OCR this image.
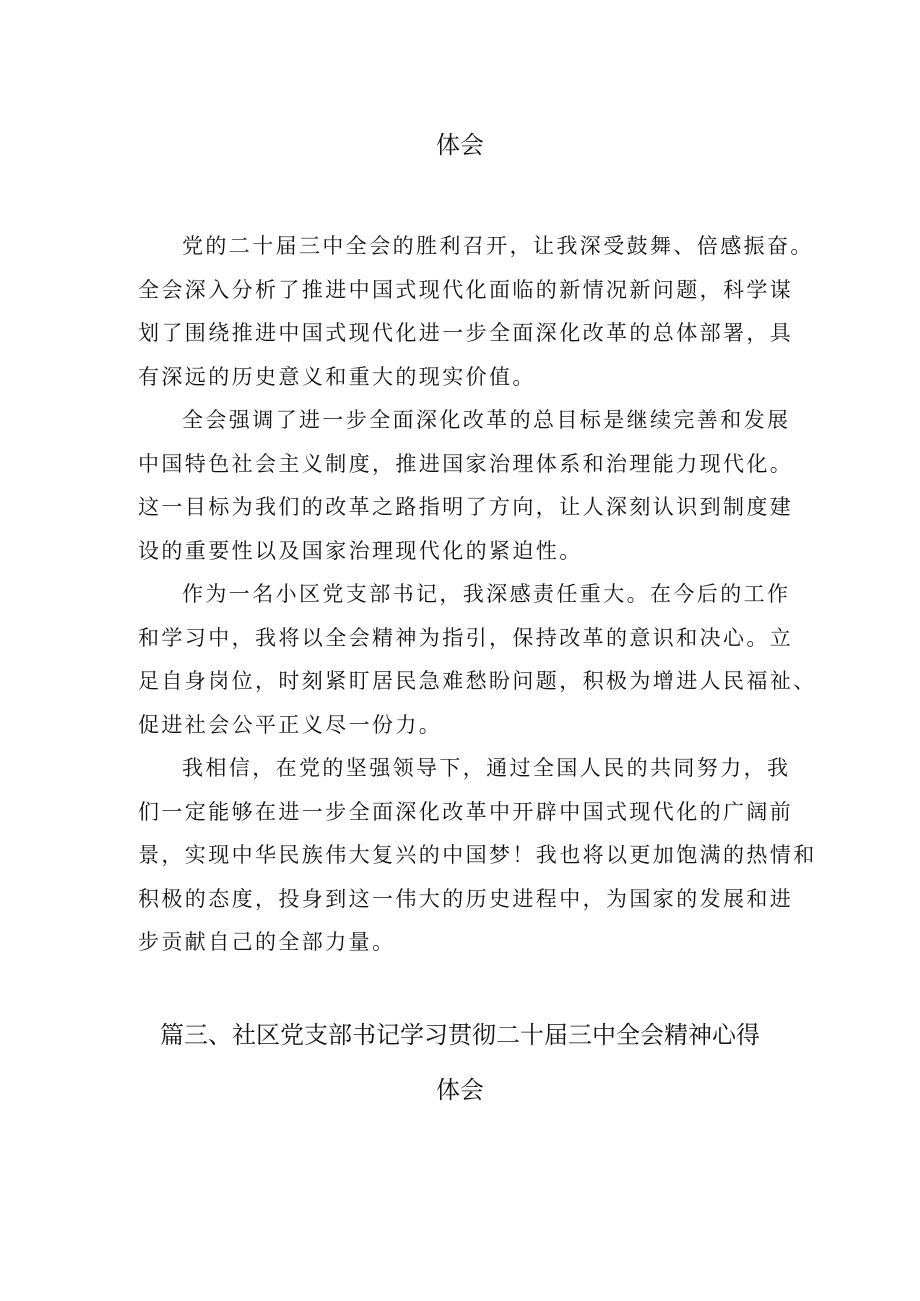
体会
党的二十届三中全会的胜利召开，让我深受鼓舞、倍感振奋。
全会深入分析了推进中国式现代化面临的新情况新问题，科学谋
划了围绕推进中国式现代化进一步全面深化改革的总体部署，具
有深远的历史意义和重大的现实价值。
全会强调了进一步全面深化改革的总目标是继续完善和发展
中国特色社会主义制度，推进国家治理体系和治理能力现代化。
这一目标为我们的改革之路指明了方向，让人深刻认识到制度建
设的重要性以及国家治理现代化的紧迫性。
作为一名小区党支部书记，我深感责任重大。在今后的工作
和学习中，我将以全会精神为指引，保持改革的意识和决心。立
足自身岗位，时刻紧盯居民急难愁盼问题，积极为增进人民福祉、
促进社会公平正义尽一份力。
我相信，在党的坚强领导下，通过全国人民的共同努力，我
们一定能够在进一步全面深化改革中开辟中国式现代化的广阔前
景，实现中华民族伟大复兴的中国梦！我也将以更加饱满的热情和
积极的态度，投身到这一伟大的历史进程中，为国家的发展和进
步贡献自己的全部力量。
篇三、社区党支部书记学习贯彻二十届三中全会精神心得
体会
